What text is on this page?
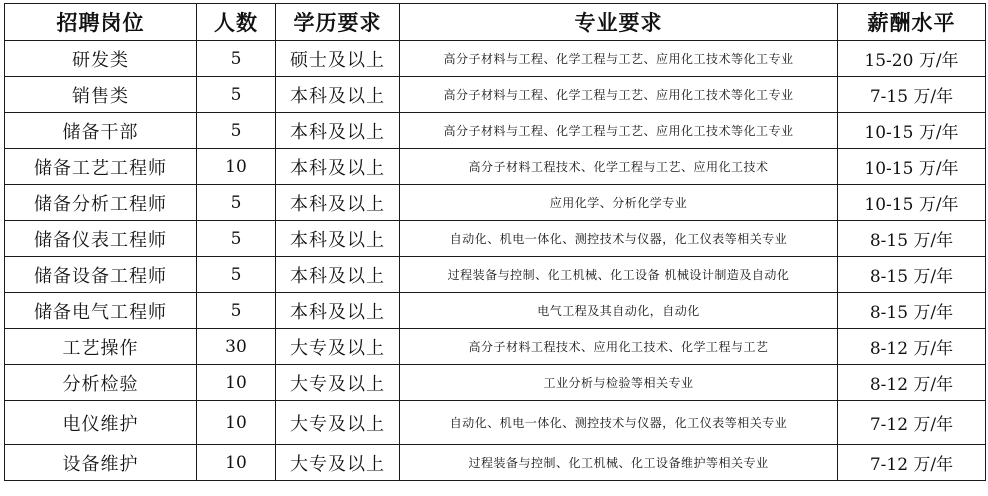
招聘岗位	人数	学历要求	专业要求	薪酬水平
研发类	5	硕士及以上	高分子材料与工程、化学工程与工艺、应用化工技术等化工专业	15-20 万/年
销售类	5	本科及以上	高分子材料与工程、化学工程与工艺、应用化工技术等化工专业	7-15 万/年
储备干部	5	本科及以上	高分子材料与工程、化学工程与工艺、应用化工技术等化工专业	10-15 万/年
储备工艺工程师	10	本科及以上	高分子材料工程技术、化学工程与工艺、应用化工技术	10-15 万/年
储备分析工程师	5	本科及以上	应用化学、分析化学专业	10-15 万/年
储备仪表工程师	5	本科及以上	自动化、机电一体化、测控技术与仪器，化工仪表等相关专业	8-15 万/年
储备设备工程师	5	本科及以上	过程装备与控制、化工机械、化工设备 机械设计制造及自动化	8-15 万/年
储备电气工程师	5	本科及以上	电气工程及其自动化，自动化	8-15 万/年
工艺操作	30	大专及以上	高分子材料工程技术、应用化工技术、化学工程与工艺	8-12 万/年
分析检验	10	大专及以上	工业分析与检验等相关专业	8-12 万/年
电仪维护	10	大专及以上	自动化、机电一体化、测控技术与仪器，化工仪表等相关专业	7-12 万/年
设备维护	10	大专及以上	过程装备与控制、化工机械、化工设备维护等相关专业	7-12 万/年
